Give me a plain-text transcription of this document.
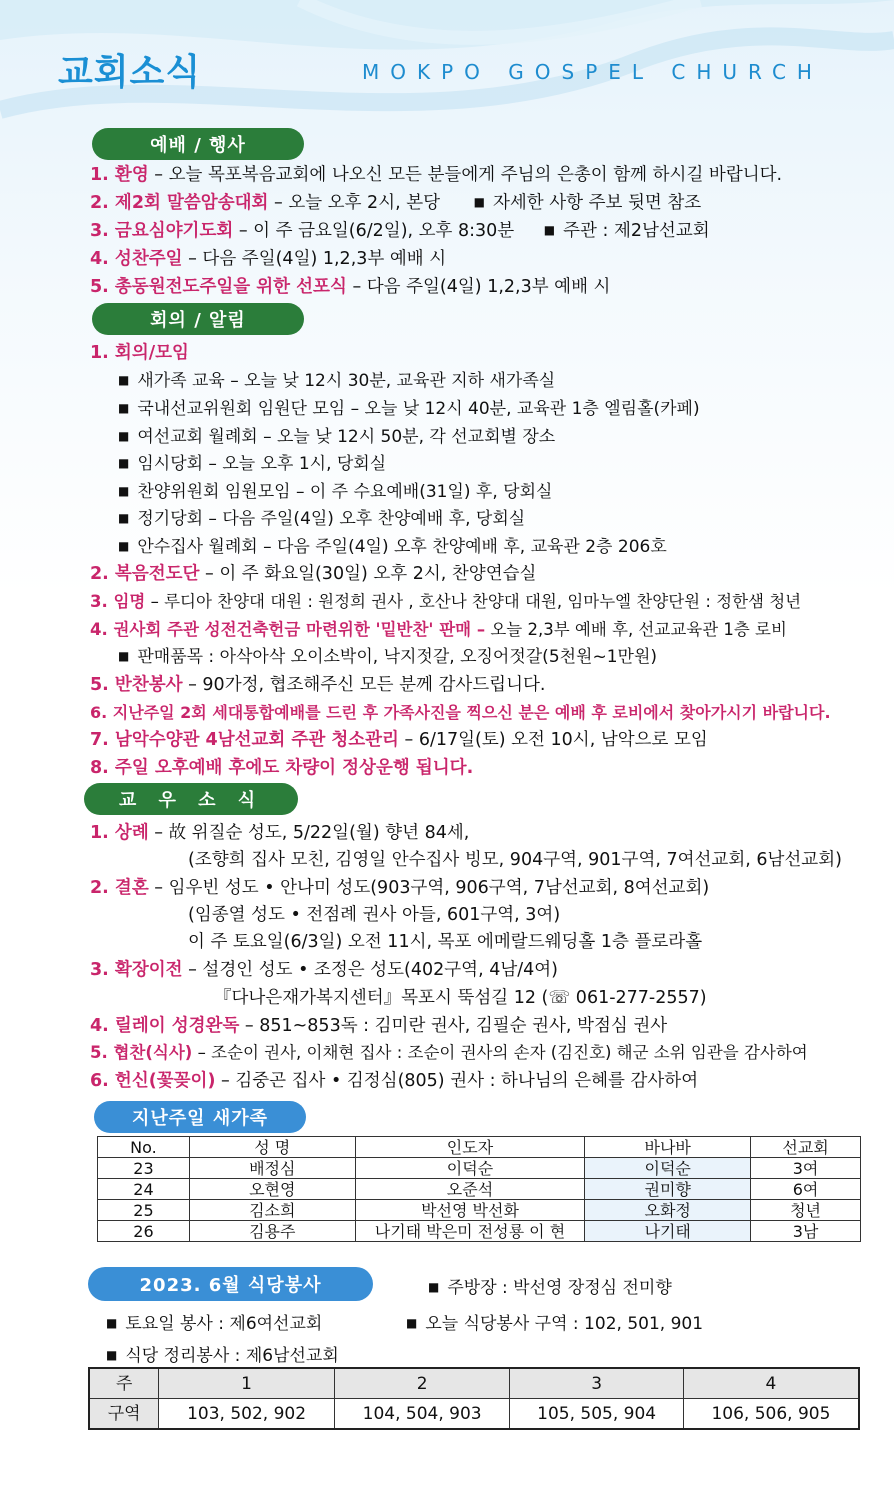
교회소식	MOKPO GOSPEL CHURCH
예배 / 행사
1. 환영 – 오늘 목포복음교회에 나오신 모든 분들에게 주님의 은총이 함께 하시길 바랍니다.
2. 제2회 말씀암송대회 – 오늘 오후 2시, 본당	■ 자세한 사항 주보 뒷면 참조
3. 금요심야기도회 – 이 주 금요일(6/2일), 오후 8:30분 ■ 주관 : 제2남선교회
4. 성찬주일 – 다음 주일(4일) 1,2,3부 예배 시
5. 총동원전도주일을 위한 선포식 – 다음 주일(4일) 1,2,3부 예배 시
회의 / 알림
1. 회의/모임
■ 새가족 교육 – 오늘 낮 12시 30분, 교육관 지하 새가족실
■ 국내선교위원회 임원단 모임 – 오늘 낮 12시 40분, 교육관 1층 엘림홀(카페)
■ 여선교회 월례회 – 오늘 낮 12시 50분, 각 선교회별 장소
■ 임시당회 – 오늘 오후 1시, 당회실
■ 찬양위원회 임원모임 – 이 주 수요예배(31일) 후, 당회실
■ 정기당회 – 다음 주일(4일) 오후 찬양예배 후, 당회실
■ 안수집사 월례회 – 다음 주일(4일) 오후 찬양예배 후, 교육관 2층 206호
2. 복음전도단 – 이 주 화요일(30일) 오후 2시, 찬양연습실
3. 임명 – 루디아 찬양대 대원 : 원정희 권사 , 호산나 찬양대 대원, 임마누엘 찬양단원 : 정한샘 청년
4. 권사회 주관 성전건축헌금 마련위한 '밑반찬' 판매 – 오늘 2,3부 예배 후, 선교교육관 1층 로비
■ 판매품목 : 아삭아삭 오이소박이, 낙지젓갈, 오징어젓갈(5천원~1만원)
5. 반찬봉사 – 90가정, 협조해주신 모든 분께 감사드립니다.
6. 지난주일 2회 세대통합예배를 드린 후 가족사진을 찍으신 분은 예배 후 로비에서 찾아가시기 바랍니다.
7. 남악수양관 4남선교회 주관 청소관리 – 6/17일(토) 오전 10시, 남악으로 모임
8. 주일 오후예배 후에도 차량이 정상운행 됩니다.
교 우 소 식
1. 상례 – 故 위질순 성도, 5/22일(월) 향년 84세,
(조향희 집사 모친, 김영일 안수집사 빙모, 904구역, 901구역, 7여선교회, 6남선교회)
2. 결혼 – 임우빈 성도 • 안나미 성도(903구역, 906구역, 7남선교회, 8여선교회)
(임종열 성도 • 전점례 권사 아들, 601구역, 3여)
이 주 토요일(6/3일) 오전 11시, 목포 에메랄드웨딩홀 1층 플로라홀
3. 확장이전 – 설경인 성도 • 조정은 성도(402구역, 4남/4여)
『다나은재가복지센터』목포시 뚝섬길 12 (☏ 061-277-2557)
4. 릴레이 성경완독 – 851~853독 : 김미란 권사, 김필순 권사, 박점심 권사
5. 협찬(식사) – 조순이 권사, 이채현 집사 : 조순이 권사의 손자 (김진호) 해군 소위 임관을 감사하여
6. 헌신(꽃꽂이) – 김중곤 집사 • 김정심(805) 권사 : 하나님의 은혜를 감사하여
지난주일 새가족
No.	성 명	인도자	바나바	선교회
23	배정심	이덕순	이덕순	3여
24	오현영	오준석	권미향	6여
25	김소희	박선영 박선화	오화정	청년
26	김용주	나기태 박은미 전성룡 이 현	나기태	3남
2023. 6월 식당봉사	■ 주방장 : 박선영 장정심 전미향
■ 토요일 봉사 : 제6여선교회	■ 오늘 식당봉사 구역 : 102, 501, 901
■ 식당 정리봉사 : 제6남선교회
주	1	2	3	4
구역	103, 502, 902	104, 504, 903	105, 505, 904	106, 506, 905
